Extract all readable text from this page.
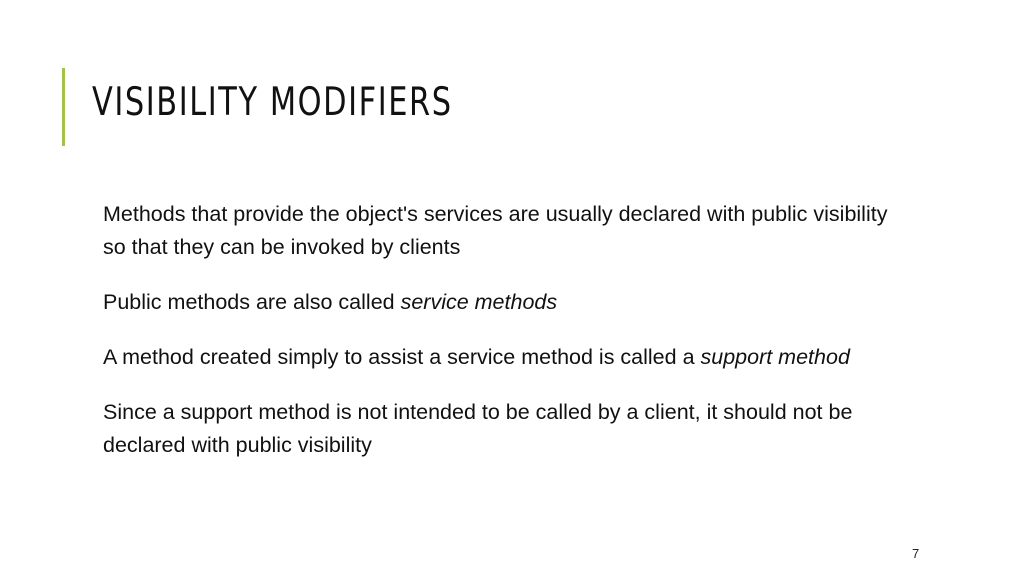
VISIBILITY MODIFIERS

Methods that provide the object's services are usually declared with public visibility so that they can be invoked by clients

Public methods are also called service methods

A method created simply to assist a service method is called a support method

Since a support method is not intended to be called by a client, it should not be declared with public visibility

7
